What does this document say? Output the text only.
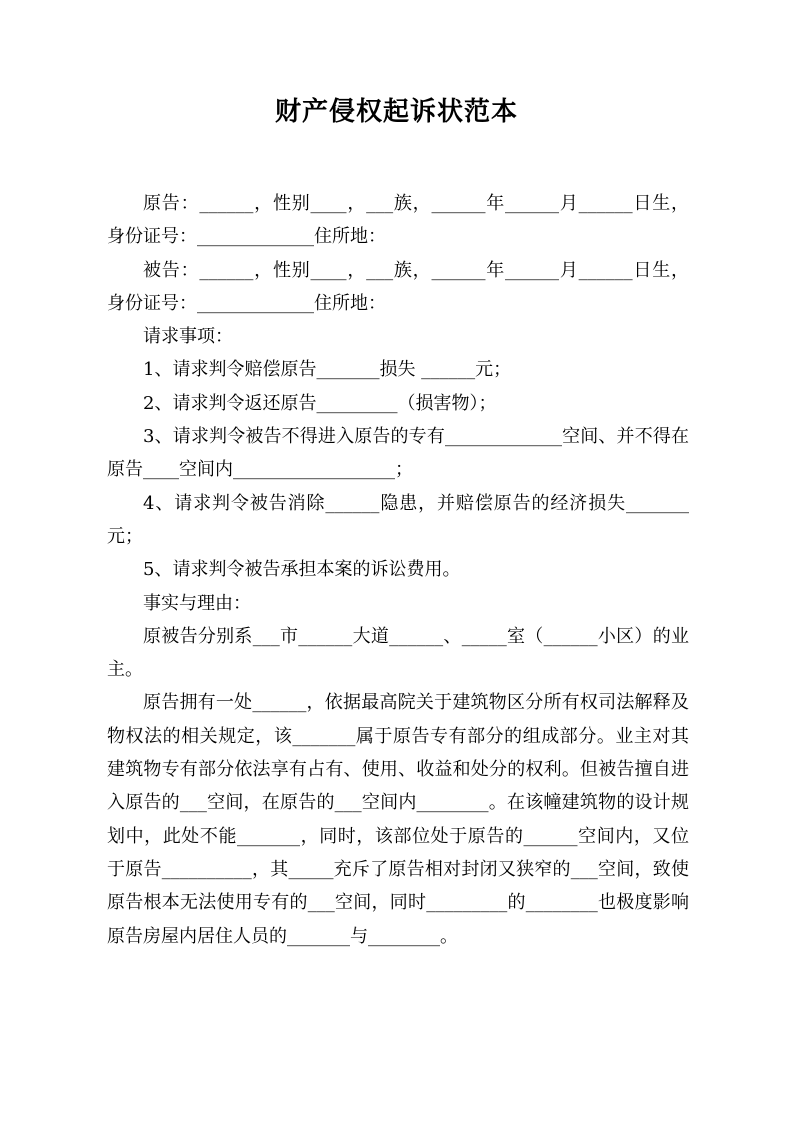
财产侵权起诉状范本

原告：______，性别____，___族，______年______月______日生，身份证号：_____________住所地：

被告：______，性别____，___族，______年______月______日生，身份证号：_____________住所地：

请求事项：

1、请求判令赔偿原告_______损失 ______元；

2、请求判令返还原告_________（损害物）；

3、请求判令被告不得进入原告的专有_____________空间、并不得在原告____空间内__________________；

4、请求判令被告消除______隐患，并赔偿原告的经济损失_______元；

5、请求判令被告承担本案的诉讼费用。

事实与理由：

原被告分别系___市______大道______、_____室（______小区）的业主。

原告拥有一处______，依据最高院关于建筑物区分所有权司法解释及物权法的相关规定，该_______属于原告专有部分的组成部分。业主对其建筑物专有部分依法享有占有、使用、收益和处分的权利。但被告擅自进入原告的___空间，在原告的___空间内________。在该幢建筑物的设计规划中，此处不能_______，同时，该部位处于原告的______空间内，又位于原告__________，其_____充斥了原告相对封闭又狭窄的___空间，致使原告根本无法使用专有的___空间，同时_________的________也极度影响原告房屋内居住人员的_______与________。
